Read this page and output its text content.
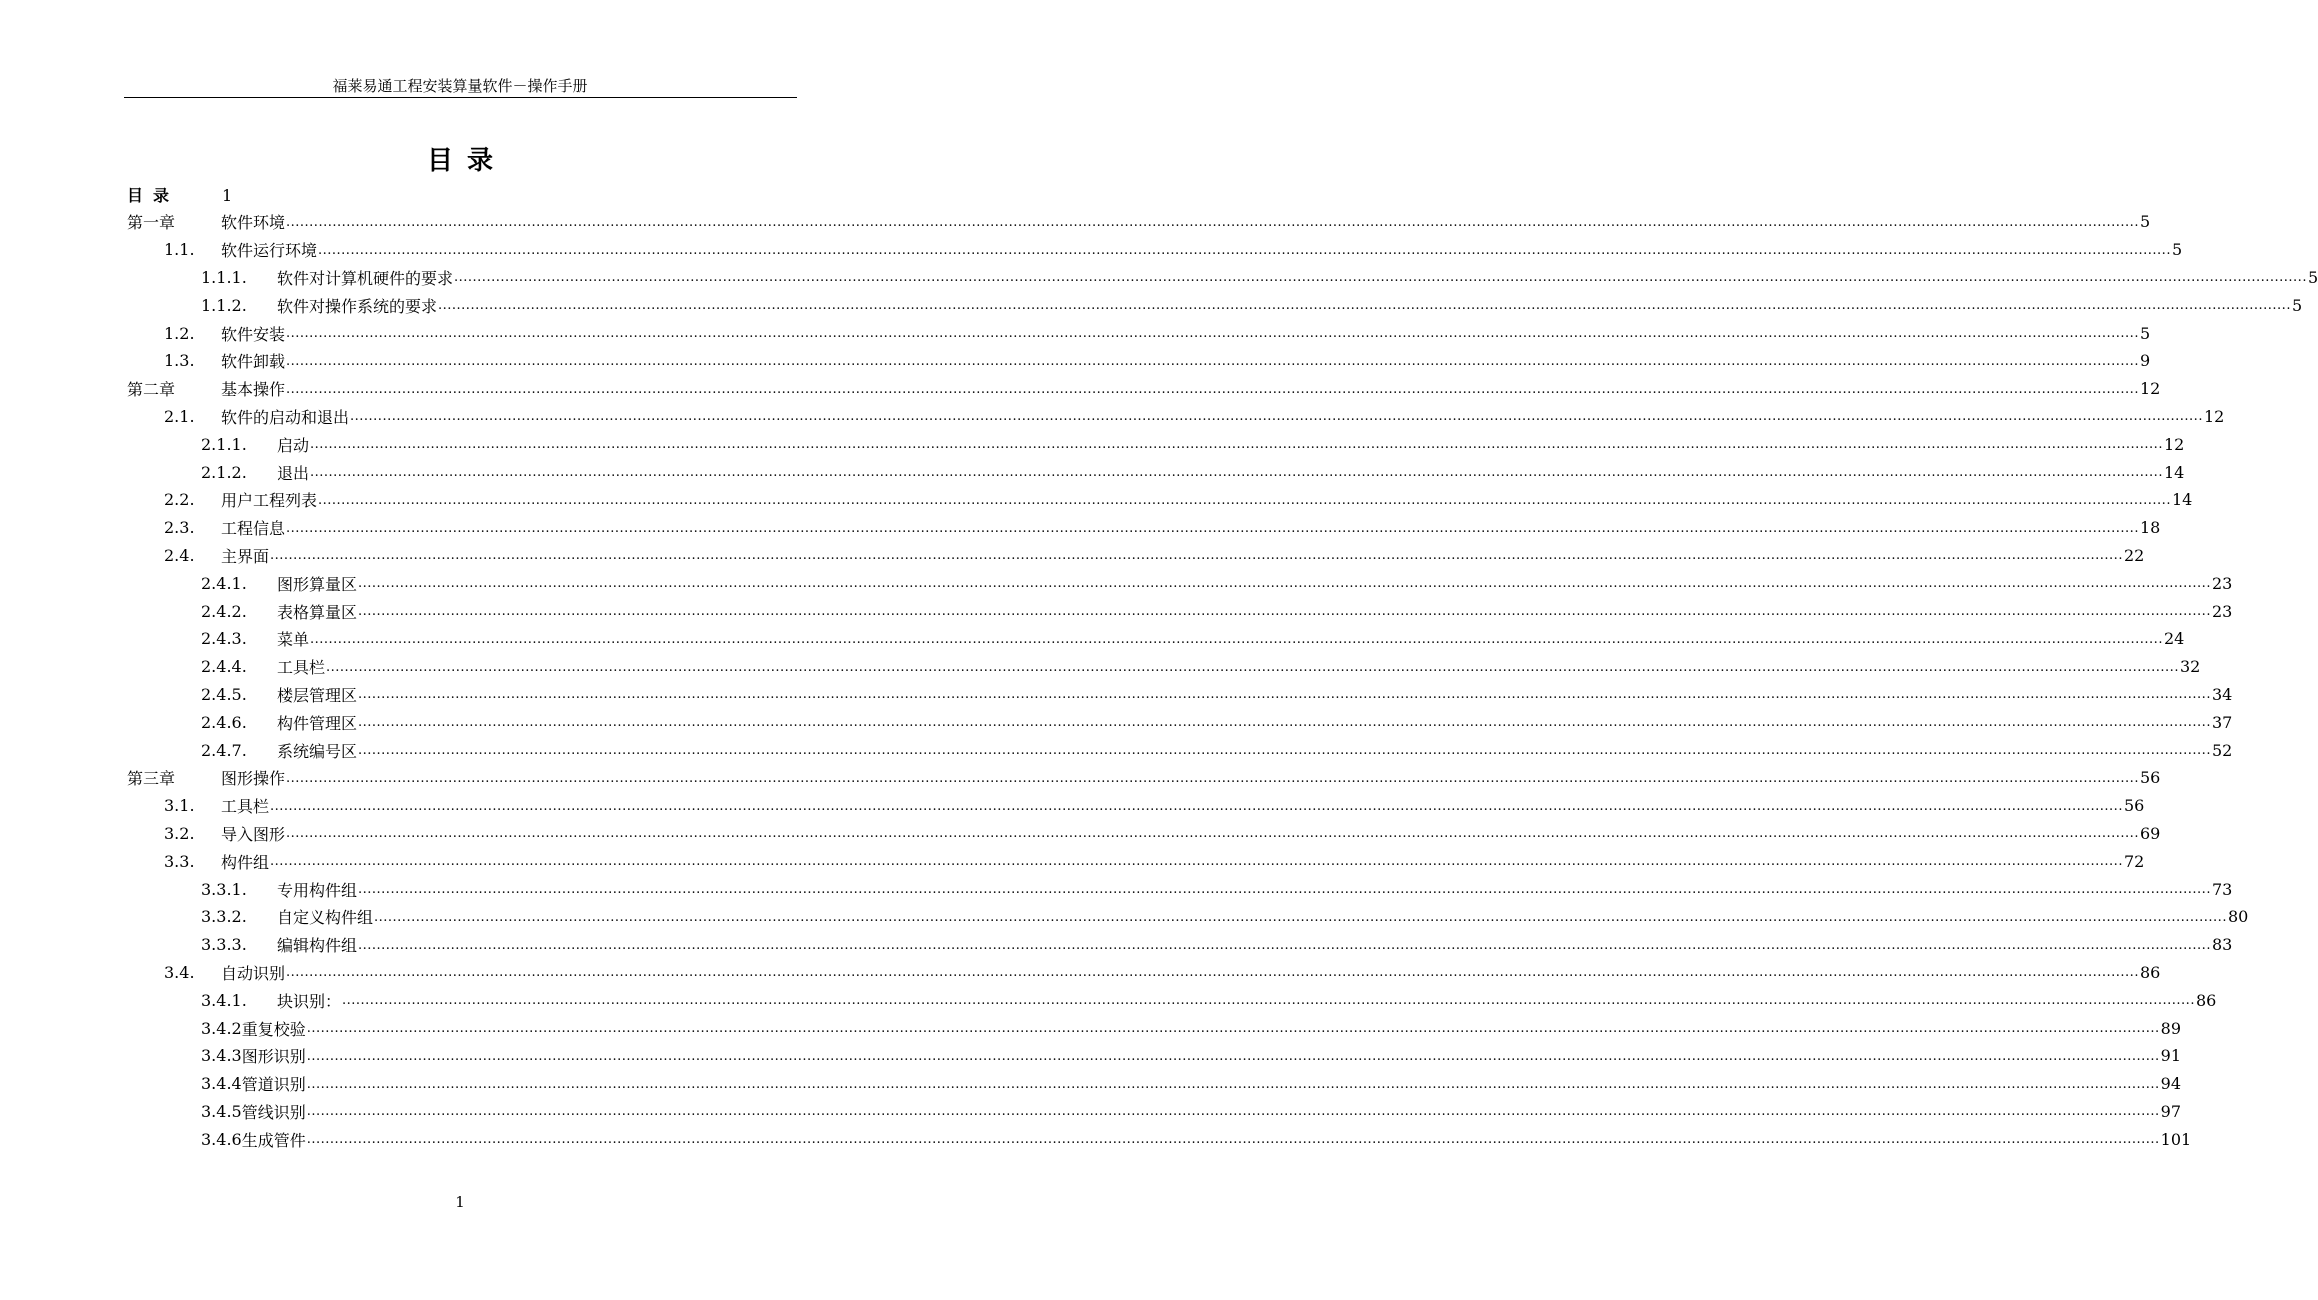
福莱易通工程安装算量软件－操作手册
目录
目录	1
第一章	软件环境 ................................................................................................................................................................................................................................................................................................................................................................................................................ 5
1.1.	软件运行环境 ................................................................................................................................................................................................................................................................................................................................................................................................................ 5
1.1.1.	软件对计算机硬件的要求 ................................................................................................................................................................................................................................................................................................................................................................................................................ 5
1.1.2.	软件对操作系统的要求 ................................................................................................................................................................................................................................................................................................................................................................................................................ 5
1.2.	软件安装 ................................................................................................................................................................................................................................................................................................................................................................................................................ 5
1.3.	软件卸载 ................................................................................................................................................................................................................................................................................................................................................................................................................ 9
第二章	基本操作 ................................................................................................................................................................................................................................................................................................................................................................................................................ 12
2.1.	软件的启动和退出 ................................................................................................................................................................................................................................................................................................................................................................................................................ 12
2.1.1.	启动 ................................................................................................................................................................................................................................................................................................................................................................................................................ 12
2.1.2.	退出 ................................................................................................................................................................................................................................................................................................................................................................................................................ 14
2.2.	用户工程列表 ................................................................................................................................................................................................................................................................................................................................................................................................................ 14
2.3.	工程信息 ................................................................................................................................................................................................................................................................................................................................................................................................................ 18
2.4.	主界面 ................................................................................................................................................................................................................................................................................................................................................................................................................ 22
2.4.1.	图形算量区 ................................................................................................................................................................................................................................................................................................................................................................................................................ 23
2.4.2.	表格算量区 ................................................................................................................................................................................................................................................................................................................................................................................................................ 23
2.4.3.	菜单 ................................................................................................................................................................................................................................................................................................................................................................................................................ 24
2.4.4.	工具栏 ................................................................................................................................................................................................................................................................................................................................................................................................................ 32
2.4.5.	楼层管理区 ................................................................................................................................................................................................................................................................................................................................................................................................................ 34
2.4.6.	构件管理区 ................................................................................................................................................................................................................................................................................................................................................................................................................ 37
2.4.7.	系统编号区 ................................................................................................................................................................................................................................................................................................................................................................................................................ 52
第三章	图形操作 ................................................................................................................................................................................................................................................................................................................................................................................................................ 56
3.1.	工具栏 ................................................................................................................................................................................................................................................................................................................................................................................................................ 56
3.2.	导入图形 ................................................................................................................................................................................................................................................................................................................................................................................................................ 69
3.3.	构件组 ................................................................................................................................................................................................................................................................................................................................................................................................................ 72
3.3.1.	专用构件组 ................................................................................................................................................................................................................................................................................................................................................................................................................ 73
3.3.2.	自定义构件组 ................................................................................................................................................................................................................................................................................................................................................................................................................ 80
3.3.3.	编辑构件组 ................................................................................................................................................................................................................................................................................................................................................................................................................ 83
3.4.	自动识别 ................................................................................................................................................................................................................................................................................................................................................................................................................ 86
3.4.1.	块识别： ................................................................................................................................................................................................................................................................................................................................................................................................................ 86
3.4.2 重复校验 ................................................................................................................................................................................................................................................................................................................................................................................................................ 89
3.4.3 图形识别 ................................................................................................................................................................................................................................................................................................................................................................................................................ 91
3.4.4 管道识别 ................................................................................................................................................................................................................................................................................................................................................................................................................ 94
3.4.5 管线识别 ................................................................................................................................................................................................................................................................................................................................................................................................................ 97
3.4.6 生成管件 ................................................................................................................................................................................................................................................................................................................................................................................................................ 101
1
